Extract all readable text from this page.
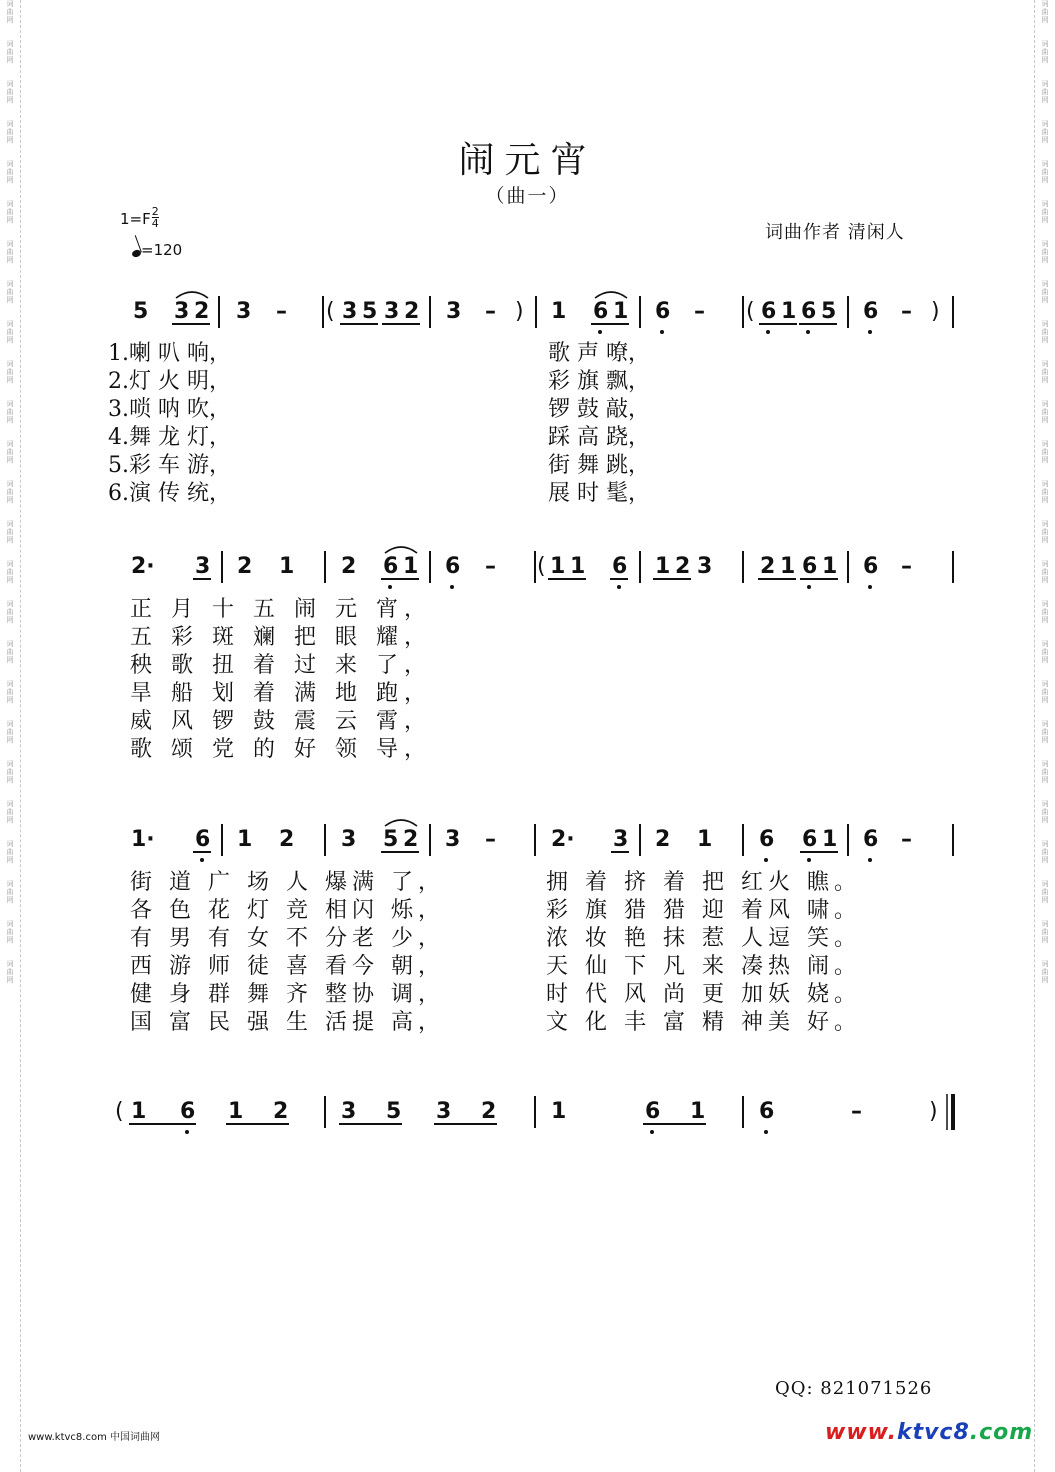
词
曲
网

词
曲
网

词
曲
网

词
曲
网

词
曲
网

词
曲
网

词
曲
网

词
曲
网

词
曲
网

词
曲
网

词
曲
网

词
曲
网

词
曲
网

词
曲
网

词
曲
网

词
曲
网

词
曲
网

词
曲
网

词
曲
网

词
曲
网

词
曲
网

词
曲
网

词
曲
网

词
曲
网

词
曲
网

词
曲
网

词
曲
网

词
曲
网

词
曲
网

词
曲
网

词
曲
网

词
曲
网

词
曲
网

词
曲
网

词
曲
网

词
曲
网

词
曲
网

词
曲
网

词
曲
网

词
曲
网

词
曲
网

词
曲
网

词
曲
网

词
曲
网

词
曲
网

词
曲
网

词
曲
网

词
曲
网

词
曲
网

词
曲
网

闹元宵
（曲一）
词曲作者 清闲人
$1=F \frac{2}{4}$
=120
5 3 2 3 – ( 3 5 3 2 3 – ) 1 6 1 6 – ( 6 1 6 5 6 – )
1.喇 叭 响，	歌 声 嘹，
2.灯 火 明，	彩 旗 飘，
3.唢 呐 吹，	锣 鼓 敲，
4.舞 龙 灯，	踩 高 跷，
5.彩 车 游，	街 舞 跳，
6.演 传 统，	展 时 髦，
2· 3 2 1 2 6 1 6 – ( 1 1 6 1 2 3 2 1 6 1 6 –
正 月 十 五 闹 元 宵，
五 彩 斑 斓 把 眼 耀，
秧 歌 扭 着 过 来 了，
旱 船 划 着 满 地 跑，
威 风 锣 鼓 震 云 霄，
歌 颂 党 的 好 领 导，
1· 6 1 2 3 5 2 3 –	2· 3 2 1 6 6 1 6 –
街 道 广 场 人 爆满 了，	拥 着 挤 着 把 红火 瞧。
各 色 花 灯 竞 相闪 烁，	彩 旗 猎 猎 迎 着风 啸。
有 男 有 女 不 分老 少，	浓 妆 艳 抹 惹 人逗 笑。
西 游 师 徒 喜 看今 朝，	天 仙 下 凡 来 凑热 闹。
健 身 群 舞 齐 整协 调，	时 代 风 尚 更 加妖 娆。
国 富 民 强 生 活提 高，	文 化 丰 富 精 神美 好。
( 1 6 1 2 3 5 3 2 1	6 1 6	–	)
QQ: 821071526
www.ktvc8.com 中国词曲网	www.ktvc8.com
